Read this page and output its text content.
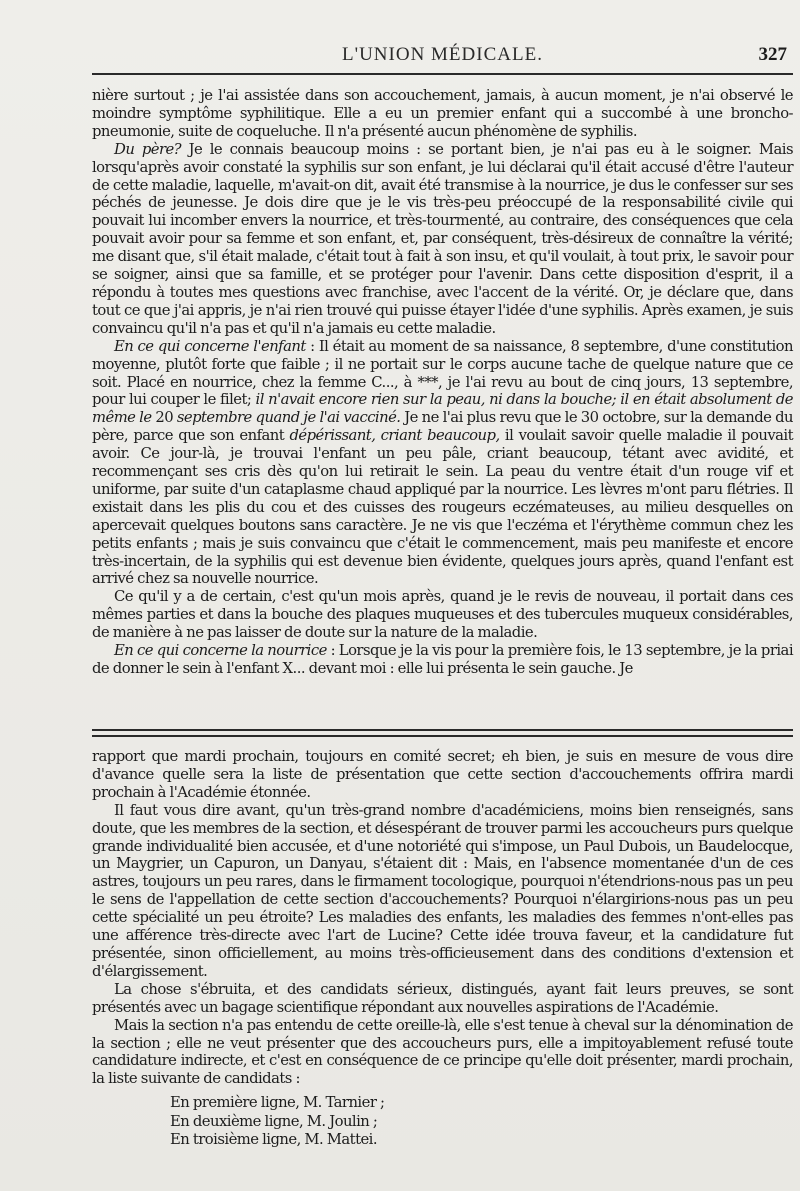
L'UNION MÉDICALE.	327

nière surtout ; je l'ai assistée dans son accouchement, jamais, à aucun moment, je n'ai observé le moindre symptôme syphilitique. Elle a eu un premier enfant qui a succombé à une broncho-pneumonie, suite de coqueluche. Il n'a présenté aucun phénomène de syphilis.

Du père? Je le connais beaucoup moins : se portant bien, je n'ai pas eu à le soigner. Mais lorsqu'après avoir constaté la syphilis sur son enfant, je lui déclarai qu'il était accusé d'être l'auteur de cette maladie, laquelle, m'avait-on dit, avait été transmise à la nourrice, je dus le confesser sur ses péchés de jeunesse. Je dois dire que je le vis très-peu préoccupé de la responsabilité civile qui pouvait lui incomber envers la nourrice, et très-tourmenté, au contraire, des conséquences que cela pouvait avoir pour sa femme et son enfant, et, par conséquent, très-désireux de connaître la vérité; me disant que, s'il était malade, c'était tout à fait à son insu, et qu'il voulait, à tout prix, le savoir pour se soigner, ainsi que sa famille, et se protéger pour l'avenir. Dans cette disposition d'esprit, il a répondu à toutes mes questions avec franchise, avec l'accent de la vérité. Or, je déclare que, dans tout ce que j'ai appris, je n'ai rien trouvé qui puisse étayer l'idée d'une syphilis. Après examen, je suis convaincu qu'il n'a pas et qu'il n'a jamais eu cette maladie.

En ce qui concerne l'enfant : Il était au moment de sa naissance, 8 septembre, d'une constitution moyenne, plutôt forte que faible ; il ne portait sur le corps aucune tache de quelque nature que ce soit. Placé en nourrice, chez la femme C..., à ***, je l'ai revu au bout de cinq jours, 13 septembre, pour lui couper le filet; il n'avait encore rien sur la peau, ni dans la bouche; il en était absolument de même le 20 septembre quand je l'ai vacciné. Je ne l'ai plus revu que le 30 octobre, sur la demande du père, parce que son enfant dépérissant, criant beaucoup, il voulait savoir quelle maladie il pouvait avoir. Ce jour-là, je trouvai l'enfant un peu pâle, criant beaucoup, tétant avec avidité, et recommençant ses cris dès qu'on lui retirait le sein. La peau du ventre était d'un rouge vif et uniforme, par suite d'un cataplasme chaud appliqué par la nourrice. Les lèvres m'ont paru flétries. Il existait dans les plis du cou et des cuisses des rougeurs eczémateuses, au milieu desquelles on apercevait quelques boutons sans caractère. Je ne vis que l'eczéma et l'érythème commun chez les petits enfants ; mais je suis convaincu que c'était le commencement, mais peu manifeste et encore très-incertain, de la syphilis qui est devenue bien évidente, quelques jours après, quand l'enfant est arrivé chez sa nouvelle nourrice.

Ce qu'il y a de certain, c'est qu'un mois après, quand je le revis de nouveau, il portait dans ces mêmes parties et dans la bouche des plaques muqueuses et des tubercules muqueux considérables, de manière à ne pas laisser de doute sur la nature de la maladie.

En ce qui concerne la nourrice : Lorsque je la vis pour la première fois, le 13 septembre, je la priai de donner le sein à l'enfant X... devant moi : elle lui présenta le sein gauche. Je

rapport que mardi prochain, toujours en comité secret; eh bien, je suis en mesure de vous dire d'avance quelle sera la liste de présentation que cette section d'accouchements offrira mardi prochain à l'Académie étonnée.

Il faut vous dire avant, qu'un très-grand nombre d'académiciens, moins bien renseignés, sans doute, que les membres de la section, et désespérant de trouver parmi les accoucheurs purs quelque grande individualité bien accusée, et d'une notoriété qui s'impose, un Paul Dubois, un Baudelocque, un Maygrier, un Capuron, un Danyau, s'étaient dit : Mais, en l'absence momentanée d'un de ces astres, toujours un peu rares, dans le firmament tocologique, pourquoi n'étendrions-nous pas un peu le sens de l'appellation de cette section d'accouchements? Pourquoi n'élargirions-nous pas un peu cette spécialité un peu étroite? Les maladies des enfants, les maladies des femmes n'ont-elles pas une afférence très-directe avec l'art de Lucine? Cette idée trouva faveur, et la candidature fut présentée, sinon officiellement, au moins très-officieusement dans des conditions d'extension et d'élargissement.

La chose s'ébruita, et des candidats sérieux, distingués, ayant fait leurs preuves, se sont présentés avec un bagage scientifique répondant aux nouvelles aspirations de l'Académie.

Mais la section n'a pas entendu de cette oreille-là, elle s'est tenue à cheval sur la dénomination de la section ; elle ne veut présenter que des accoucheurs purs, elle a impitoyablement refusé toute candidature indirecte, et c'est en conséquence de ce principe qu'elle doit présenter, mardi prochain, la liste suivante de candidats :

En première ligne, M. Tarnier ;
En deuxième ligne, M. Joulin ;
En troisième ligne, M. Mattei.
